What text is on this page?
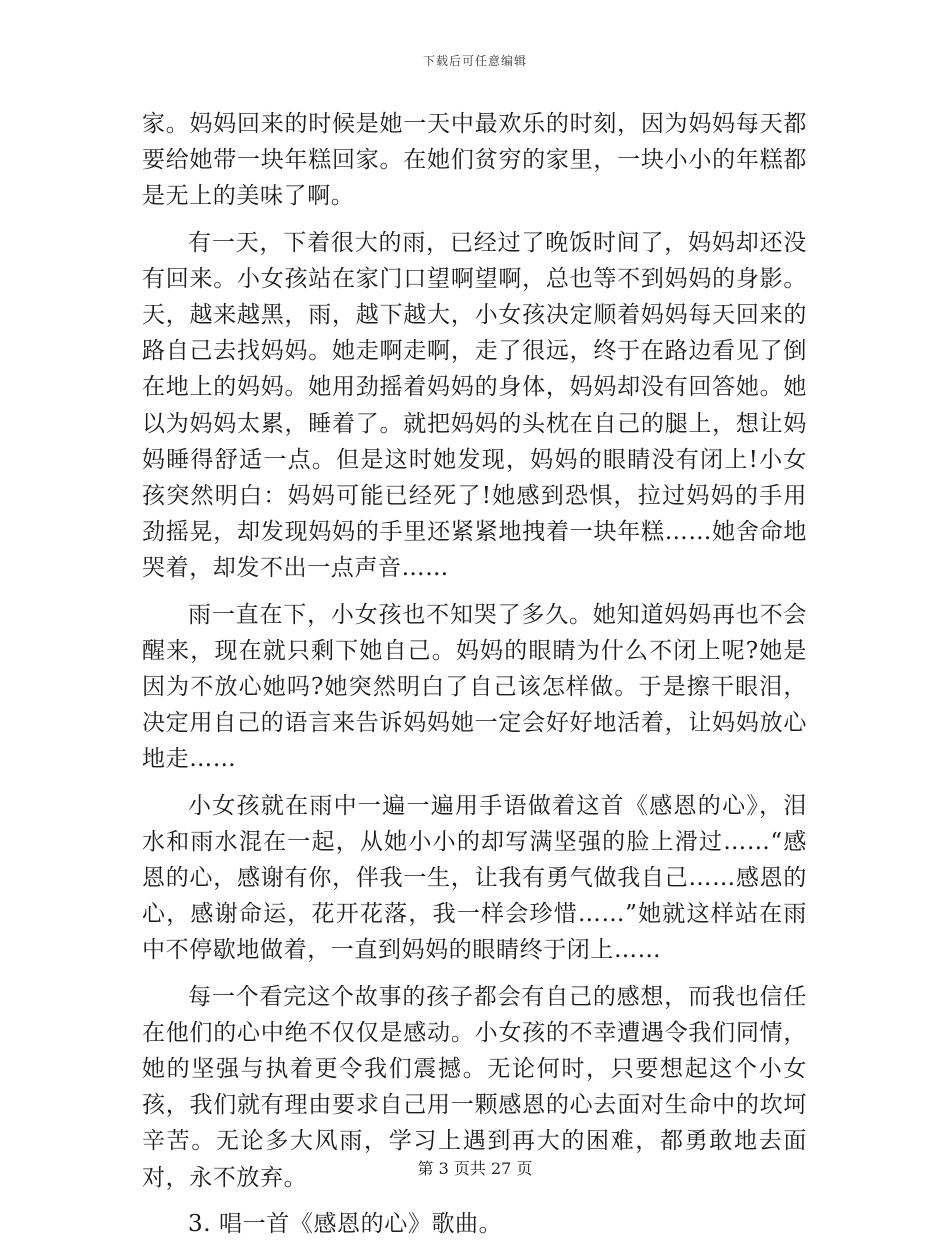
下载后可任意编辑

家。妈妈回来的时候是她一天中最欢乐的时刻，因为妈妈每天都要给她带一块年糕回家。在她们贫穷的家里，一块小小的年糕都是无上的美味了啊。

有一天，下着很大的雨，已经过了晚饭时间了，妈妈却还没有回来。小女孩站在家门口望啊望啊，总也等不到妈妈的身影。天，越来越黑，雨，越下越大，小女孩决定顺着妈妈每天回来的路自己去找妈妈。她走啊走啊，走了很远，终于在路边看见了倒在地上的妈妈。她用劲摇着妈妈的身体，妈妈却没有回答她。她以为妈妈太累，睡着了。就把妈妈的头枕在自己的腿上，想让妈妈睡得舒适一点。但是这时她发现，妈妈的眼睛没有闭上!小女孩突然明白：妈妈可能已经死了!她感到恐惧，拉过妈妈的手用劲摇晃，却发现妈妈的手里还紧紧地拽着一块年糕……她舍命地哭着，却发不出一点声音……

雨一直在下，小女孩也不知哭了多久。她知道妈妈再也不会醒来，现在就只剩下她自己。妈妈的眼睛为什么不闭上呢?她是因为不放心她吗?她突然明白了自己该怎样做。于是擦干眼泪，决定用自己的语言来告诉妈妈她一定会好好地活着，让妈妈放心地走……

小女孩就在雨中一遍一遍用手语做着这首《感恩的心》，泪水和雨水混在一起，从她小小的却写满坚强的脸上滑过……“感恩的心，感谢有你，伴我一生，让我有勇气做我自己……感恩的心，感谢命运，花开花落，我一样会珍惜……”她就这样站在雨中不停歇地做着，一直到妈妈的眼睛终于闭上……

每一个看完这个故事的孩子都会有自己的感想，而我也信任在他们的心中绝不仅仅是感动。小女孩的不幸遭遇令我们同情，她的坚强与执着更令我们震撼。无论何时，只要想起这个小女孩，我们就有理由要求自己用一颗感恩的心去面对生命中的坎坷辛苦。无论多大风雨，学习上遇到再大的困难，都勇敢地去面对，永不放弃。

3. 唱一首《感恩的心》歌曲。

第 3 页共 27 页
